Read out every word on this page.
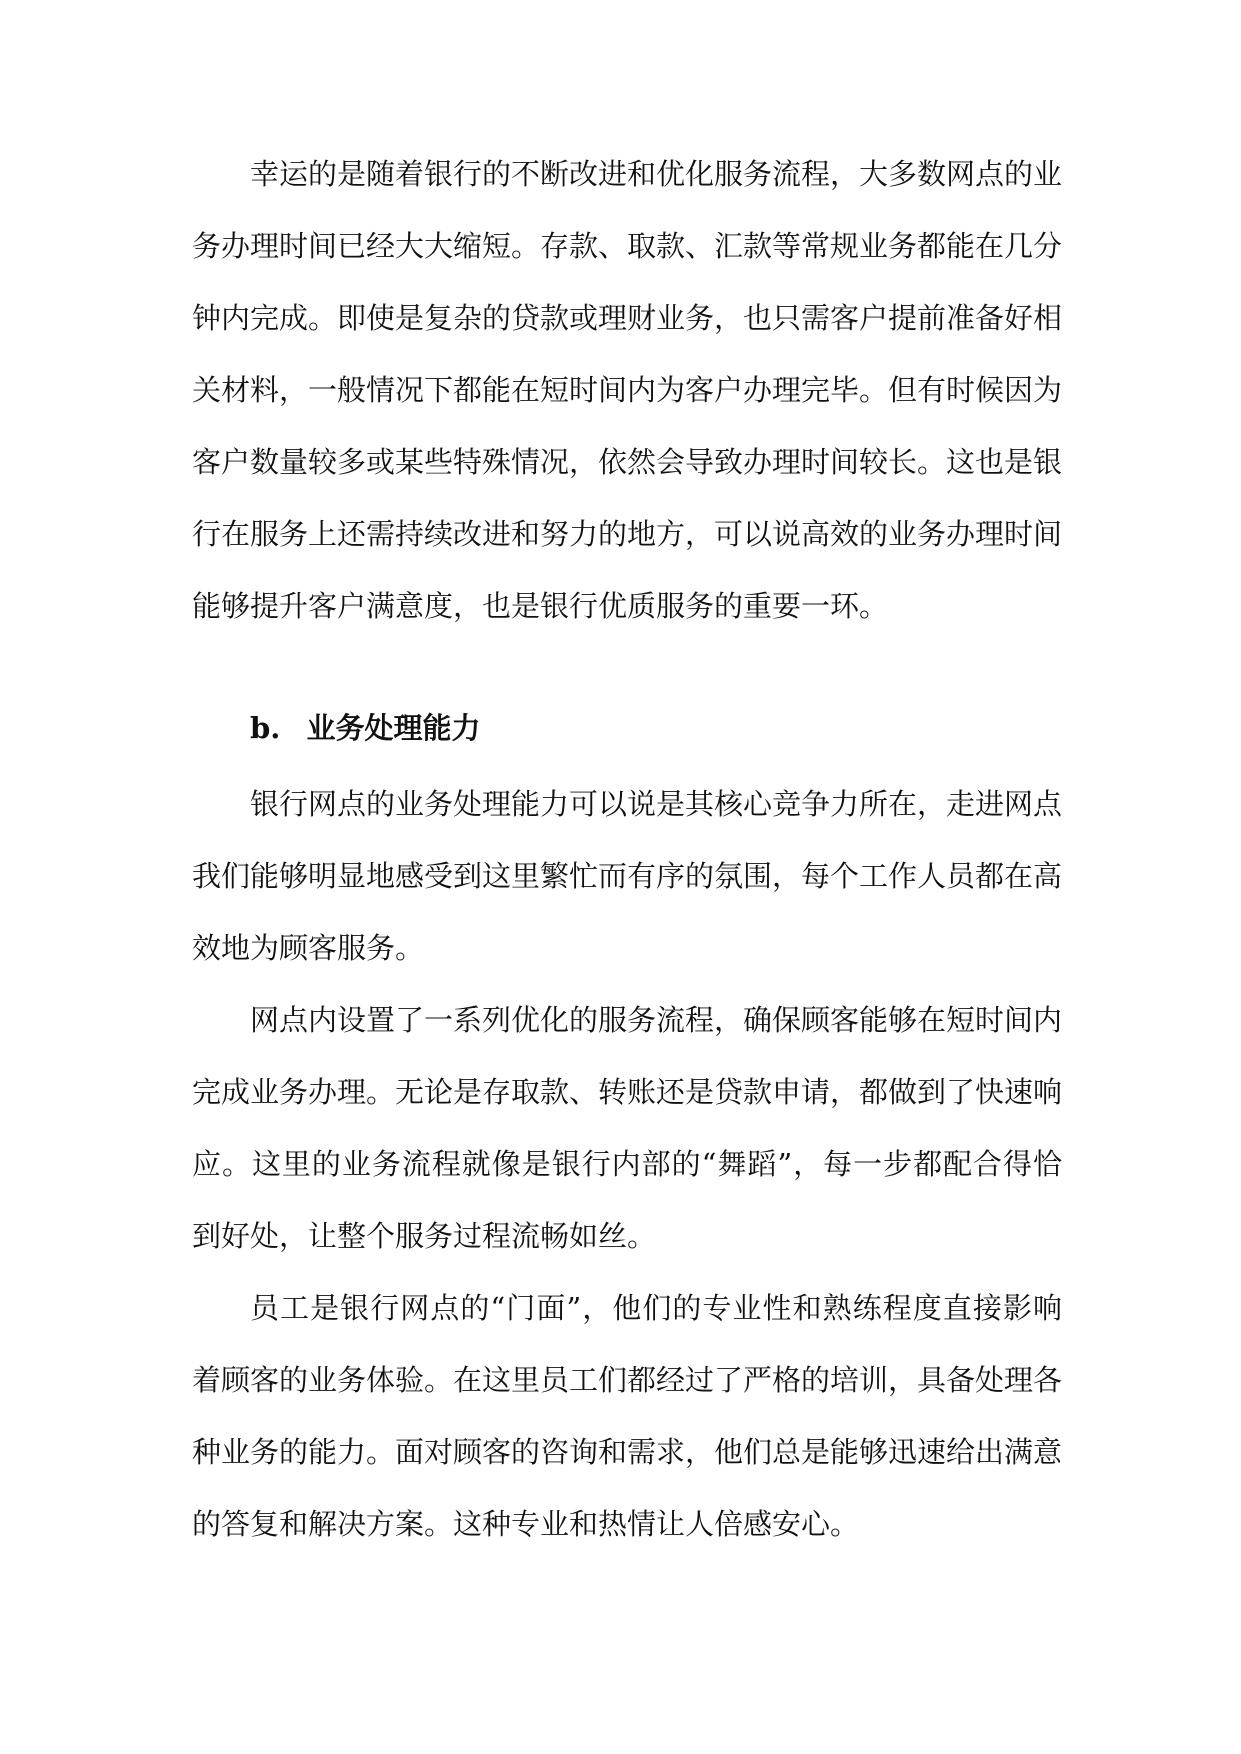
幸运的是随着银行的不断改进和优化服务流程，大多数网点的业务办理时间已经大大缩短。存款、取款、汇款等常规业务都能在几分钟内完成。即使是复杂的贷款或理财业务，也只需客户提前准备好相关材料，一般情况下都能在短时间内为客户办理完毕。但有时候因为客户数量较多或某些特殊情况，依然会导致办理时间较长。这也是银行在服务上还需持续改进和努力的地方，可以说高效的业务办理时间能够提升客户满意度，也是银行优质服务的重要一环。

b. 业务处理能力

银行网点的业务处理能力可以说是其核心竞争力所在，走进网点我们能够明显地感受到这里繁忙而有序的氛围，每个工作人员都在高效地为顾客服务。

网点内设置了一系列优化的服务流程，确保顾客能够在短时间内完成业务办理。无论是存取款、转账还是贷款申请，都做到了快速响应。这里的业务流程就像是银行内部的“舞蹈”，每一步都配合得恰到好处，让整个服务过程流畅如丝。

员工是银行网点的“门面”，他们的专业性和熟练程度直接影响着顾客的业务体验。在这里员工们都经过了严格的培训，具备处理各种业务的能力。面对顾客的咨询和需求，他们总是能够迅速给出满意的答复和解决方案。这种专业和热情让人倍感安心。
